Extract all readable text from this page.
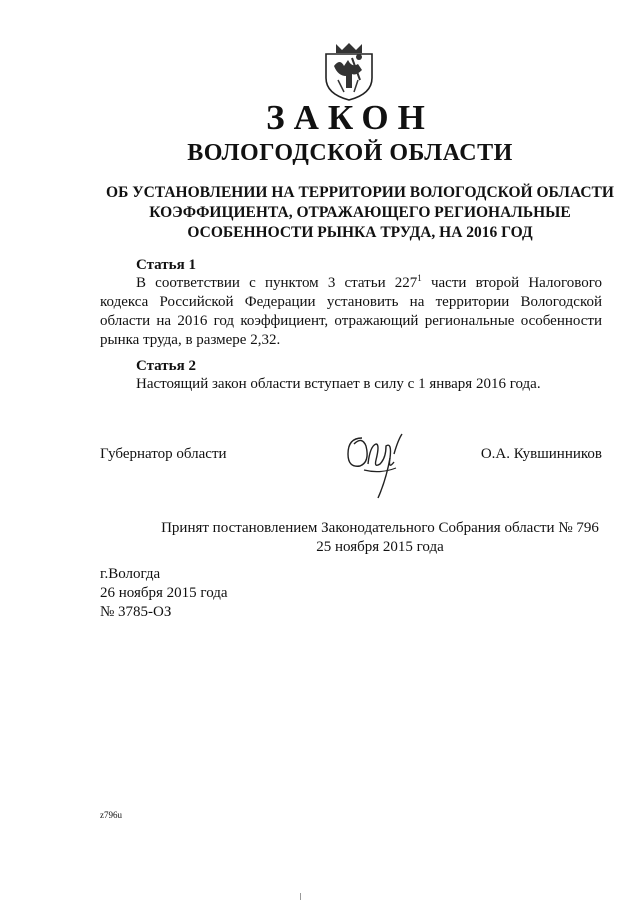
ЗАКОН
ВОЛОГОДСКОЙ ОБЛАСТИ
ОБ УСТАНОВЛЕНИИ НА ТЕРРИТОРИИ ВОЛОГОДСКОЙ ОБЛАСТИ
КОЭФФИЦИЕНТА, ОТРАЖАЮЩЕГО РЕГИОНАЛЬНЫЕ
ОСОБЕННОСТИ РЫНКА ТРУДА, НА 2016 ГОД
Статья 1
В соответствии с пунктом 3 статьи $227^1$ части второй Налогового
кодекса Российской Федерации установить на территории Вологодской
области на 2016 год коэффициент, отражающий региональные особенности
рынка труда, в размере 2,32.
Статья 2
Настоящий закон области вступает в силу с 1 января 2016 года.
Губернатор области	О.А. Кувшинников
Принят постановлением Законодательного Собрания области № 796
25 ноября 2015 года
г.Вологда
26 ноября 2015 года
№ 3785-ОЗ
z796u
